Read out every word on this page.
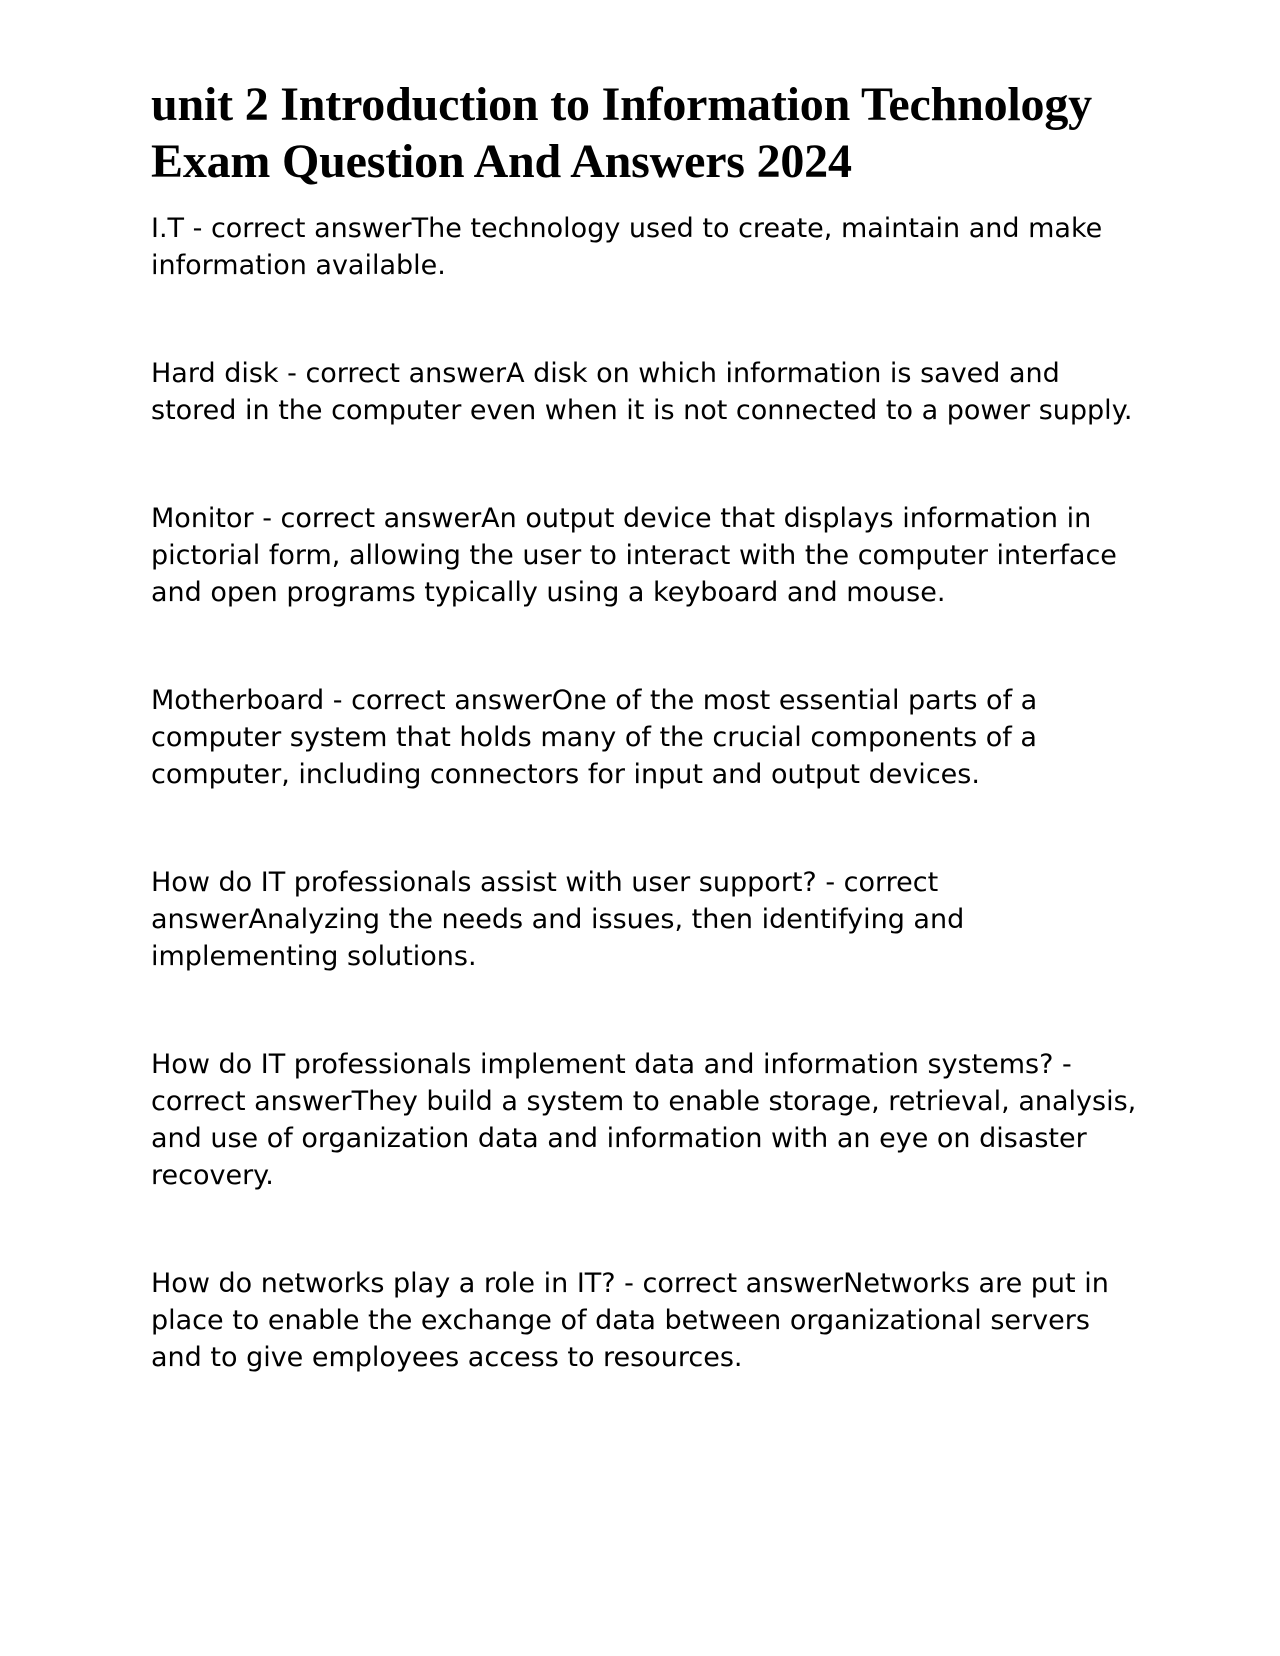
unit 2 Introduction to Information Technology Exam Question And Answers 2024

I.T - correct answerThe technology used to create, maintain and make information available.

Hard disk - correct answerA disk on which information is saved and stored in the computer even when it is not connected to a power supply.

Monitor - correct answerAn output device that displays information in pictorial form, allowing the user to interact with the computer interface and open programs typically using a keyboard and mouse.

Motherboard - correct answerOne of the most essential parts of a computer system that holds many of the crucial components of a computer, including connectors for input and output devices.

How do IT professionals assist with user support? - correct answerAnalyzing the needs and issues, then identifying and implementing solutions.

How do IT professionals implement data and information systems? - correct answerThey build a system to enable storage, retrieval, analysis, and use of organization data and information with an eye on disaster recovery.

How do networks play a role in IT? - correct answerNetworks are put in place to enable the exchange of data between organizational servers and to give employees access to resources.
